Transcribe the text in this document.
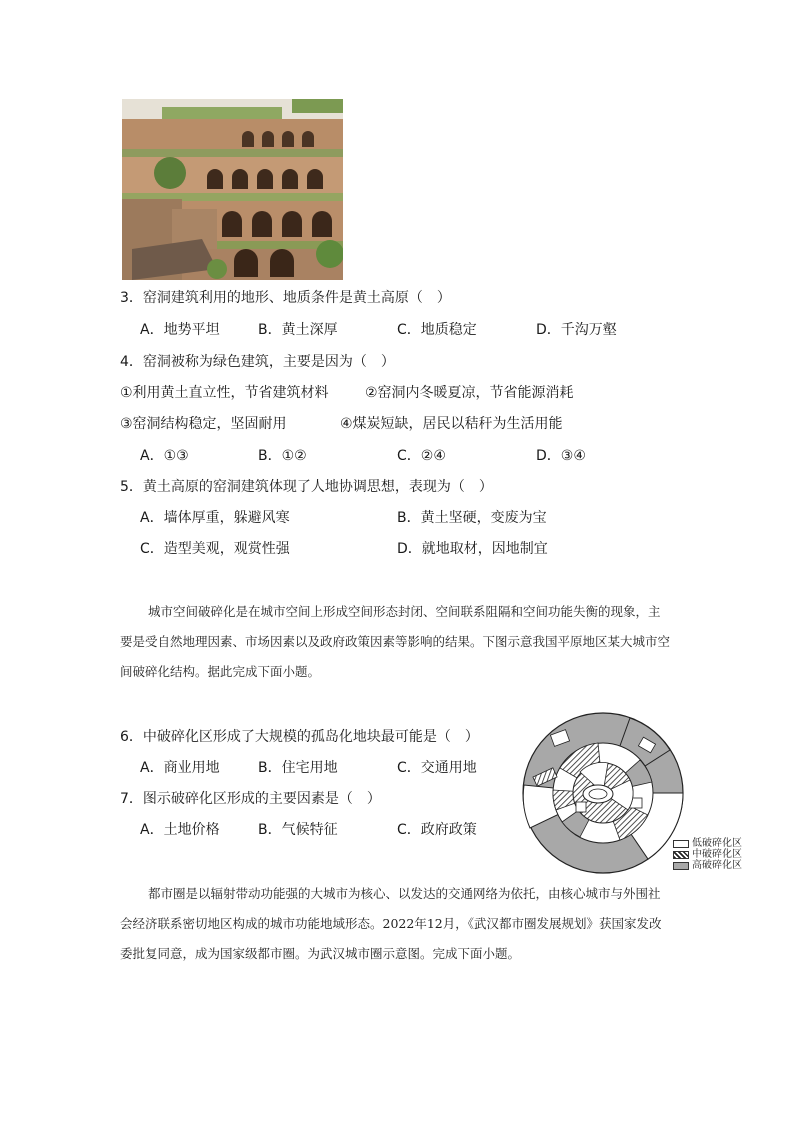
3．窑洞建筑利用的地形、地质条件是黄土高原（　）
A．地势平坦	B．黄土深厚	C．地质稳定	D．千沟万壑
4．窑洞被称为绿色建筑，主要是因为（　）
①利用黄土直立性，节省建筑材料	②窑洞内冬暖夏凉，节省能源消耗
③窑洞结构稳定，坚固耐用	④煤炭短缺，居民以秸秆为生活用能
A．①③	B．①②	C．②④	D．③④
5．黄土高原的窑洞建筑体现了人地协调思想，表现为（　）
A．墙体厚重，躲避风寒	B．黄土坚硬，变废为宝
C．造型美观，观赏性强	D．就地取材，因地制宜
城市空间破碎化是在城市空间上形成空间形态封闭、空间联系阻隔和空间功能失衡的现象，主要是受自然地理因素、市场因素以及政府政策因素等影响的结果。下图示意我国平原地区某大城市空间破碎化结构。据此完成下面小题。
6．中破碎化区形成了大规模的孤岛化地块最可能是（　）
A．商业用地	B．住宅用地	C．交通用地
7．图示破碎化区形成的主要因素是（　）
A．土地价格	B．气候特征	C．政府政策
低破碎化区
中破碎化区
高破碎化区
都市圈是以辐射带动功能强的大城市为核心、以发达的交通网络为依托，由核心城市与外围社会经济联系密切地区构成的城市功能地域形态。2022年12月，《武汉都市圈发展规划》获国家发改委批复同意，成为国家级都市圈。为武汉城市圈示意图。完成下面小题。
